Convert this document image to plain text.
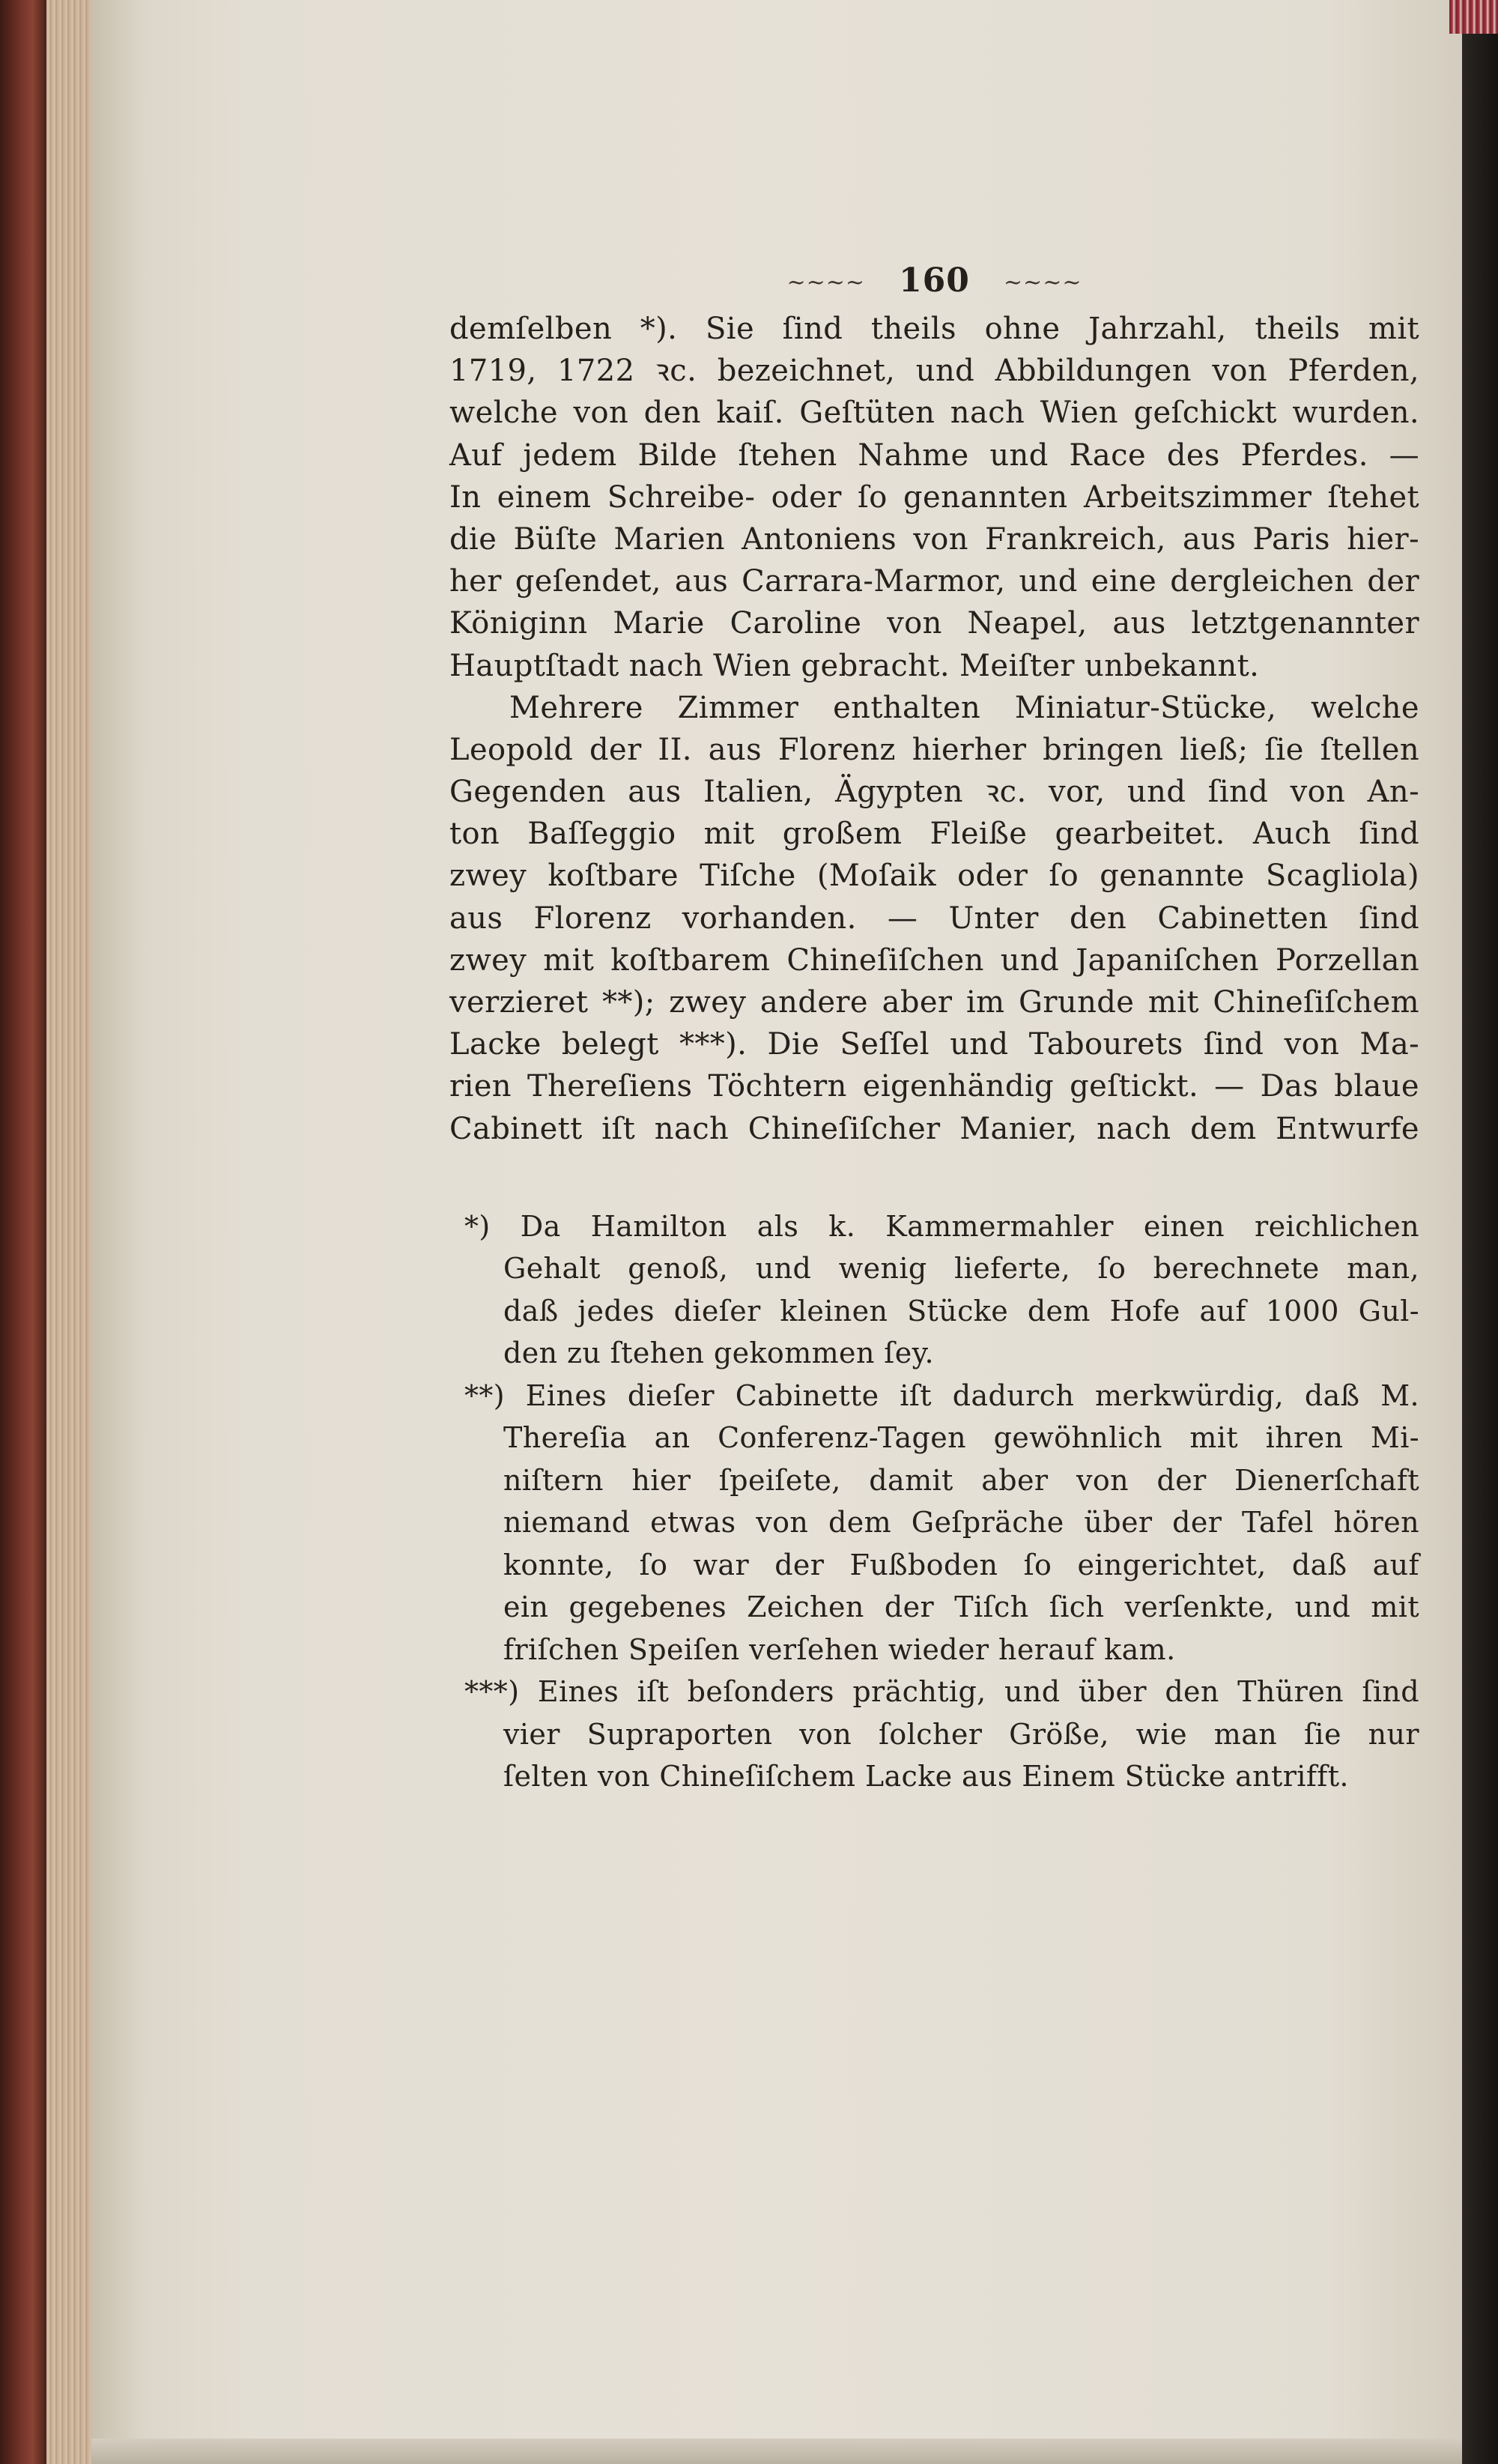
~~~~ 160 ~~~~
demſelben *). Sie ſind theils ohne Jahrzahl, theils mit
1719, 1722 ꝛc. bezeichnet, und Abbildungen von Pferden,
welche von den kaiſ. Geſtüten nach Wien geſchickt wurden.
Auf jedem Bilde ſtehen Nahme und Race des Pferdes. —
In einem Schreibe- oder ſo genannten Arbeitszimmer ſtehet
die Büſte Marien Antoniens von Frankreich, aus Paris hier-
her geſendet, aus Carrara-Marmor, und eine dergleichen der
Königinn Marie Caroline von Neapel, aus letztgenannter
Hauptſtadt nach Wien gebracht. Meiſter unbekannt.
Mehrere Zimmer enthalten Miniatur-Stücke, welche
Leopold der II. aus Florenz hierher bringen ließ; ſie ſtellen
Gegenden aus Italien, Ägypten ꝛc. vor, und ſind von An-
ton Baſſeggio mit großem Fleiße gearbeitet. Auch ſind
zwey koſtbare Tiſche (Moſaik oder ſo genannte Scagliola)
aus Florenz vorhanden. — Unter den Cabinetten ſind
zwey mit koſtbarem Chineſiſchen und Japaniſchen Porzellan
verzieret **); zwey andere aber im Grunde mit Chineſiſchem
Lacke belegt ***). Die Seſſel und Tabourets ſind von Ma-
rien Thereſiens Töchtern eigenhändig geſtickt. — Das blaue
Cabinett iſt nach Chineſiſcher Manier, nach dem Entwurfe
*) Da Hamilton als k. Kammermahler einen reichlichen
Gehalt genoß, und wenig lieferte, ſo berechnete man,
daß jedes dieſer kleinen Stücke dem Hofe auf 1000 Gul-
den zu ſtehen gekommen ſey.
**) Eines dieſer Cabinette iſt dadurch merkwürdig, daß M.
Thereſia an Conferenz-Tagen gewöhnlich mit ihren Mi-
niſtern hier ſpeiſete, damit aber von der Dienerſchaft
niemand etwas von dem Geſpräche über der Tafel hören
konnte, ſo war der Fußboden ſo eingerichtet, daß auf
ein gegebenes Zeichen der Tiſch ſich verſenkte, und mit
friſchen Speiſen verſehen wieder herauf kam.
***) Eines iſt beſonders prächtig, und über den Thüren ſind
vier Supraporten von ſolcher Größe, wie man ſie nur
ſelten von Chineſiſchem Lacke aus Einem Stücke antrifft.
